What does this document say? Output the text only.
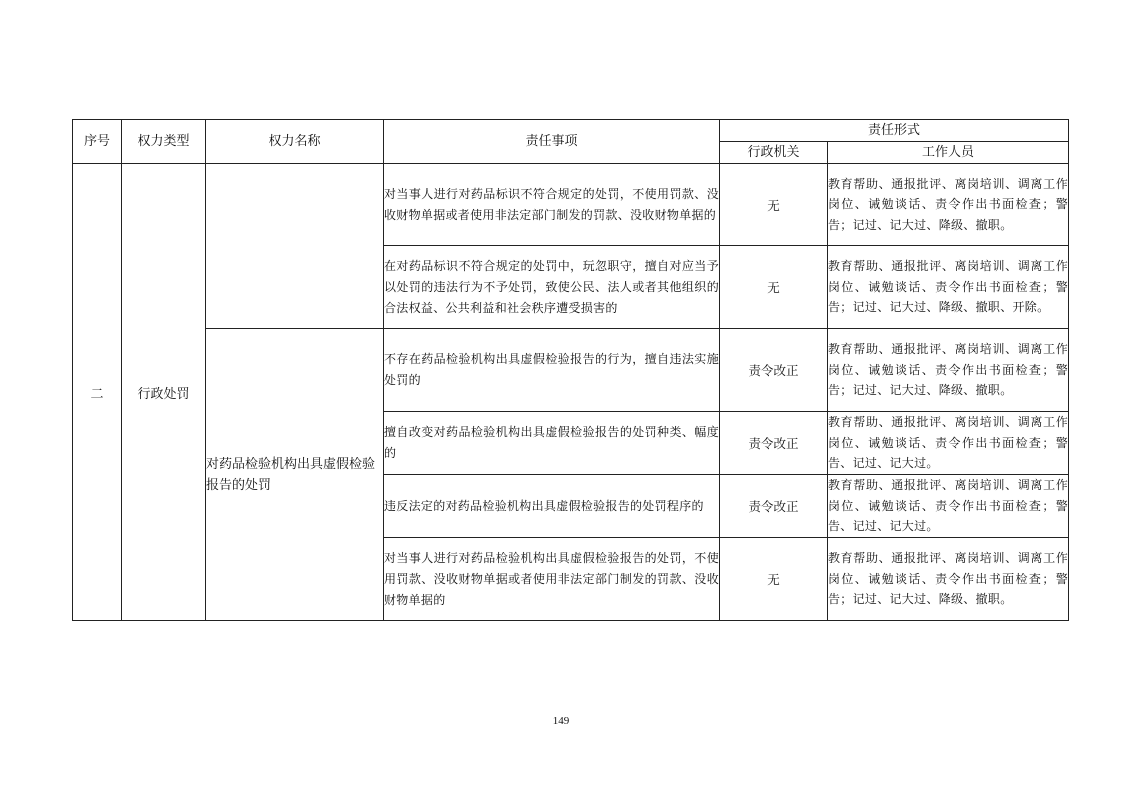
序号	权力类型	权力名称	责任事项	责任形式	
				行政机关	工作人员
二	行政处罚		对当事人进行对药品标识不符合规定的处罚，不使用罚款、没收财物单据或者使用非法定部门制发的罚款、没收财物单据的	无	教育帮助、通报批评、离岗培训、调离工作岗位、诫勉谈话、责令作出书面检查；警告；记过、记大过、降级、撤职。
			在对药品标识不符合规定的处罚中，玩忽职守，擅自对应当予以处罚的违法行为不予处罚，致使公民、法人或者其他组织的合法权益、公共利益和社会秩序遭受损害的	无	教育帮助、通报批评、离岗培训、调离工作岗位、诫勉谈话、责令作出书面检查；警告；记过、记大过、降级、撤职、开除。
		对药品检验机构出具虚假检验报告的处罚	不存在药品检验机构出具虚假检验报告的行为，擅自违法实施处罚的	责令改正	教育帮助、通报批评、离岗培训、调离工作岗位、诫勉谈话、责令作出书面检查；警告；记过、记大过、降级、撤职。
			擅自改变对药品检验机构出具虚假检验报告的处罚种类、幅度的	责令改正	教育帮助、通报批评、离岗培训、调离工作岗位、诫勉谈话、责令作出书面检查；警告、记过、记大过。
			违反法定的对药品检验机构出具虚假检验报告的处罚程序的	责令改正	教育帮助、通报批评、离岗培训、调离工作岗位、诫勉谈话、责令作出书面检查；警告、记过、记大过。
			对当事人进行对药品检验机构出具虚假检验报告的处罚，不使用罚款、没收财物单据或者使用非法定部门制发的罚款、没收财物单据的	无	教育帮助、通报批评、离岗培训、调离工作岗位、诫勉谈话、责令作出书面检查；警告；记过、记大过、降级、撤职。
149
